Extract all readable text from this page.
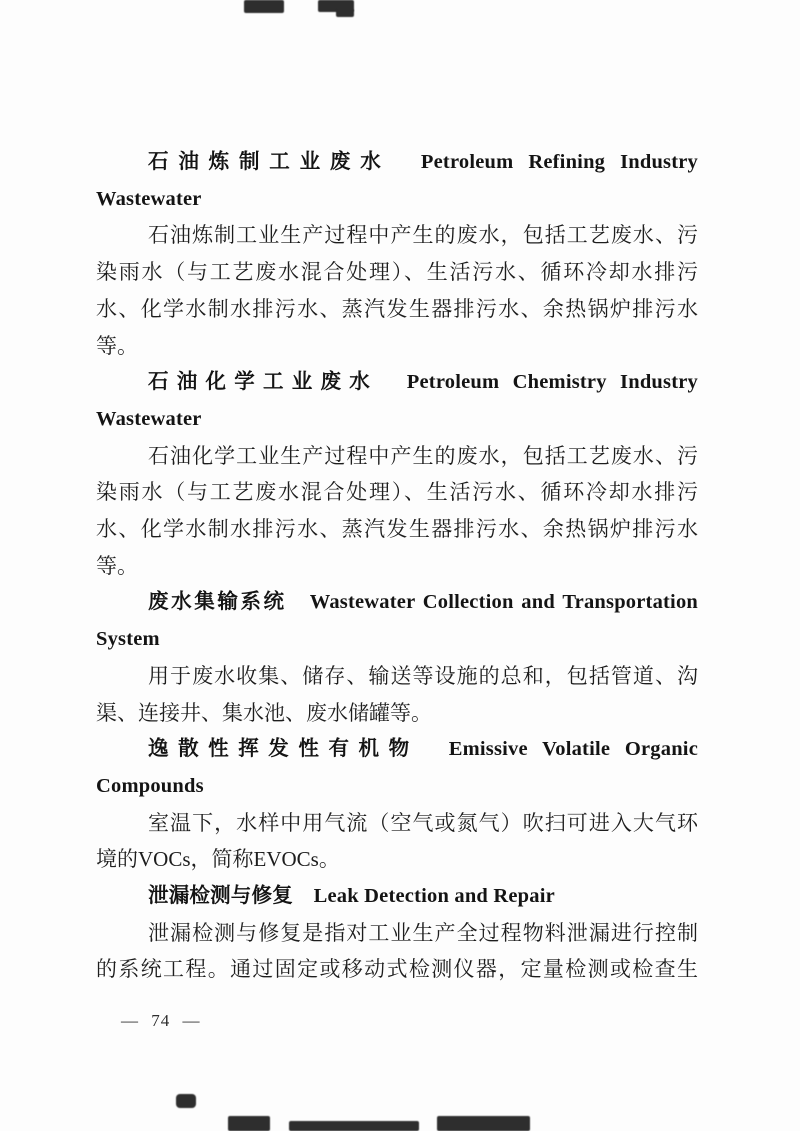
石油炼制工业废水　Petroleum Refining Industry
Wastewater
石油炼制工业生产过程中产生的废水，包括工艺废水、污
染雨水（与工艺废水混合处理）、生活污水、循环冷却水排污
水、化学水制水排污水、蒸汽发生器排污水、余热锅炉排污水
等。
石油化学工业废水　Petroleum Chemistry Industry
Wastewater
石油化学工业生产过程中产生的废水，包括工艺废水、污
染雨水（与工艺废水混合处理）、生活污水、循环冷却水排污
水、化学水制水排污水、蒸汽发生器排污水、余热锅炉排污水
等。
废水集输系统　Wastewater Collection and Transportation
System
用于废水收集、储存、输送等设施的总和，包括管道、沟
渠、连接井、集水池、废水储罐等。
逸散性挥发性有机物　Emissive Volatile Organic
Compounds
室温下，水样中用气流（空气或氮气）吹扫可进入大气环
境的VOCs，简称EVOCs。
泄漏检测与修复　Leak Detection and Repair
泄漏检测与修复是指对工业生产全过程物料泄漏进行控制
的系统工程。通过固定或移动式检测仪器，定量检测或检查生
— 74 —
